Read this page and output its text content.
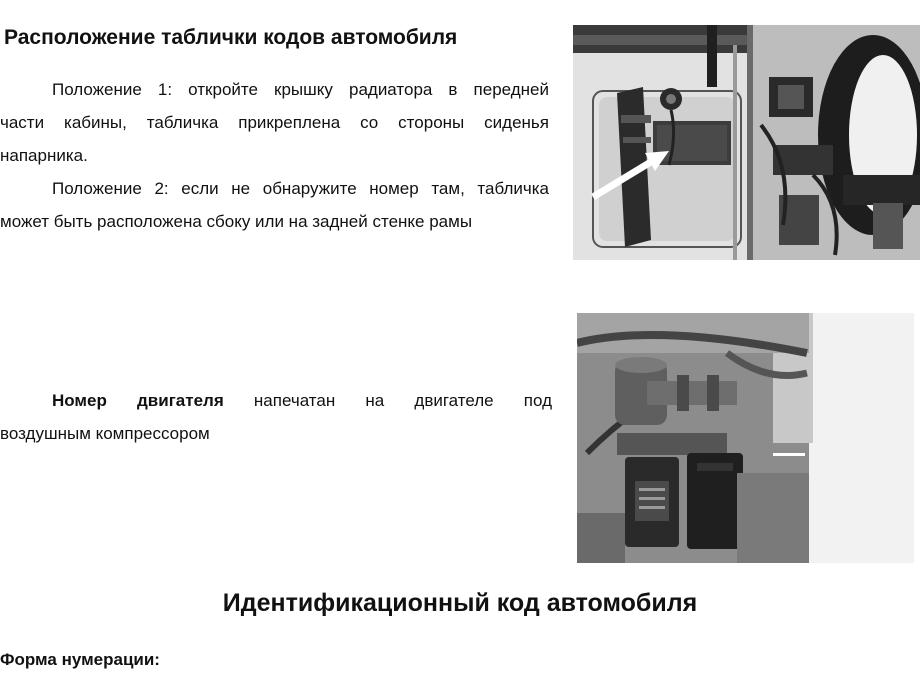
Расположение таблички кодов автомобиля

Положение 1: откройте крышку радиатора в передней
части кабины, табличка прикреплена со стороны сиденья напарника.

Положение 2: если не обнаружите номер там, табличка
может быть расположена сбоку или на задней стенке рамы

Номер двигателя напечатан на двигателе под
воздушным компрессором

Идентификационный код автомобиля
Форма нумерации:
